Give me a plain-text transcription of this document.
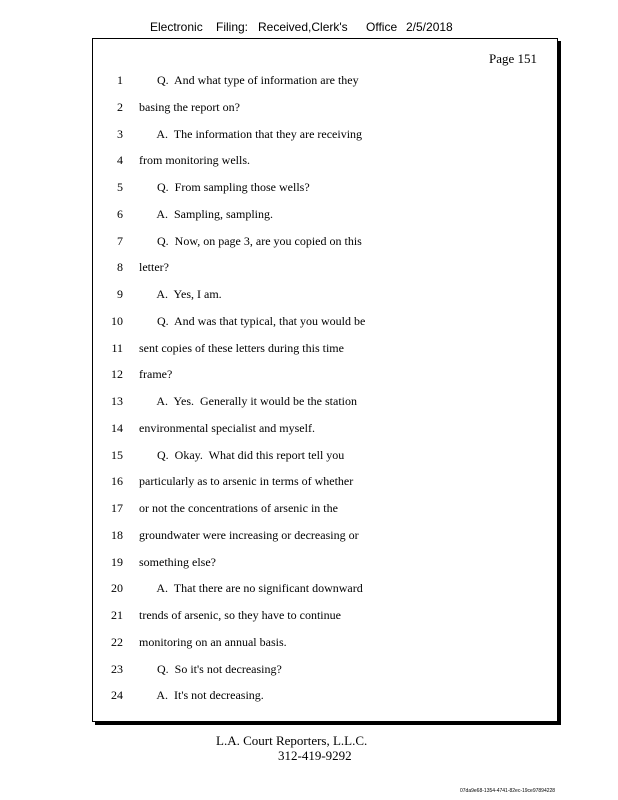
Electronic Filing: Received,Clerk's Office 2/5/2018
Page 151
1 Q.  And what type of information are they
2 basing the report on?
3 A.  The information that they are receiving
4 from monitoring wells.
5 Q.  From sampling those wells?
6 A.  Sampling, sampling.
7 Q.  Now, on page 3, are you copied on this
8 letter?
9 A.  Yes, I am.
10 Q.  And was that typical, that you would be
11 sent copies of these letters during this time
12 frame?
13 A.  Yes.  Generally it would be the station
14 environmental specialist and myself.
15 Q.  Okay.  What did this report tell you
16 particularly as to arsenic in terms of whether
17 or not the concentrations of arsenic in the
18 groundwater were increasing or decreasing or
19 something else?
20 A.  That there are no significant downward
21 trends of arsenic, so they have to continue
22 monitoring on an annual basis.
23 Q.  So it's not decreasing?
24 A.  It's not decreasing.
L.A. Court Reporters, L.L.C.
312-419-9292
07da9e68-1354-4741-82ec-19ce97894228
